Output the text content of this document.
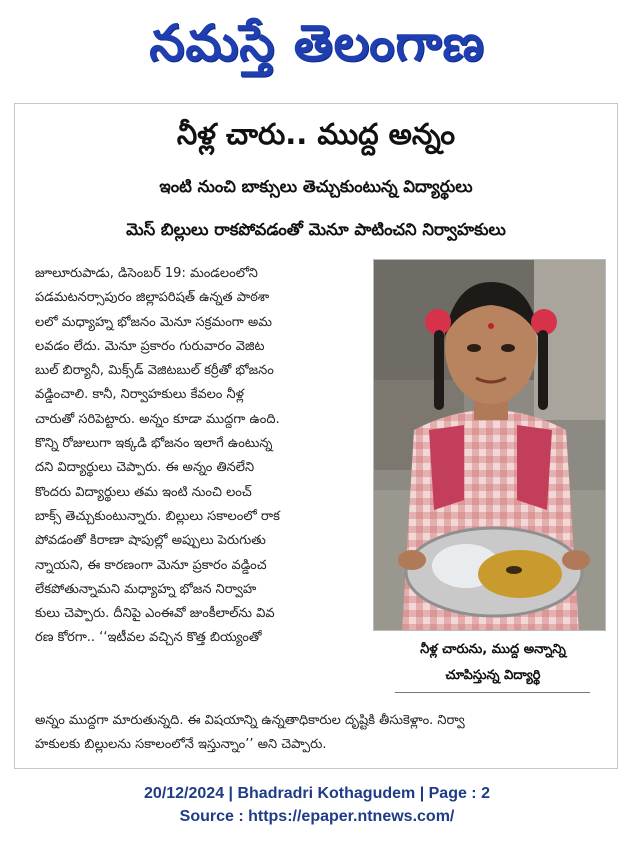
నమస్తే తెలంగాణ
నీళ్ల చారు.. ముద్ద అన్నం
ఇంటి నుంచి బాక్సులు తెచ్చుకుంటున్న విద్యార్థులు
మెస్ బిల్లులు రాకపోవడంతో మెనూ పాటించని నిర్వాహకులు
జూలూరుపాడు, డిసెంబర్ 19: మండలంలోని
పడమటనర్సాపురం జిల్లాపరిషత్ ఉన్నత పాఠశా
లలో మధ్యాహ్న భోజనం మెనూ సక్రమంగా అమ
లవడం లేదు. మెనూ ప్రకారం గురువారం వెజిట
బుల్ బిర్యానీ, మిక్స్‌డ్ వెజిటబుల్ కర్రీతో భోజనం
వడ్డించాలి. కానీ, నిర్వాహకులు కేవలం నీళ్ల
చారుతో సరిపెట్టారు. అన్నం కూడా ముద్దగా ఉంది.
కొన్ని రోజులుగా ఇక్కడి భోజనం ఇలాగే ఉంటున్న
దని విద్యార్థులు చెప్పారు. ఈ అన్నం తినలేని
కొందరు విద్యార్థులు తమ ఇంటి నుంచి లంచ్
బాక్స్ తెచ్చుకుంటున్నారు. బిల్లులు సకాలంలో రాక
పోవడంతో కిరాణా షాపుల్లో అప్పులు పెరుగుతు
న్నాయని, ఈ కారణంగా మెనూ ప్రకారం వడ్డించ
లేకపోతున్నామని మధ్యాహ్న భోజన నిర్వాహ
కులు చెప్పారు. దీనిపై ఎంఈవో జుంకీలాల్‌ను వివ
రణ కోరగా.. ‘‘ఇటీవల వచ్చిన కొత్త బియ్యంతో
నీళ్ల చారును, ముద్ద అన్నాన్ని
చూపిస్తున్న విద్యార్థి
అన్నం ముద్దగా మారుతున్నది. ఈ విషయాన్ని ఉన్నతాధికారుల దృష్టికి తీసుకెళ్లాం. నిర్వా
హకులకు బిల్లులను సకాలంలోనే ఇస్తున్నాం’’ అని చెప్పారు.
20/12/2024 | Bhadradri Kothagudem | Page : 2
Source : https://epaper.ntnews.com/
